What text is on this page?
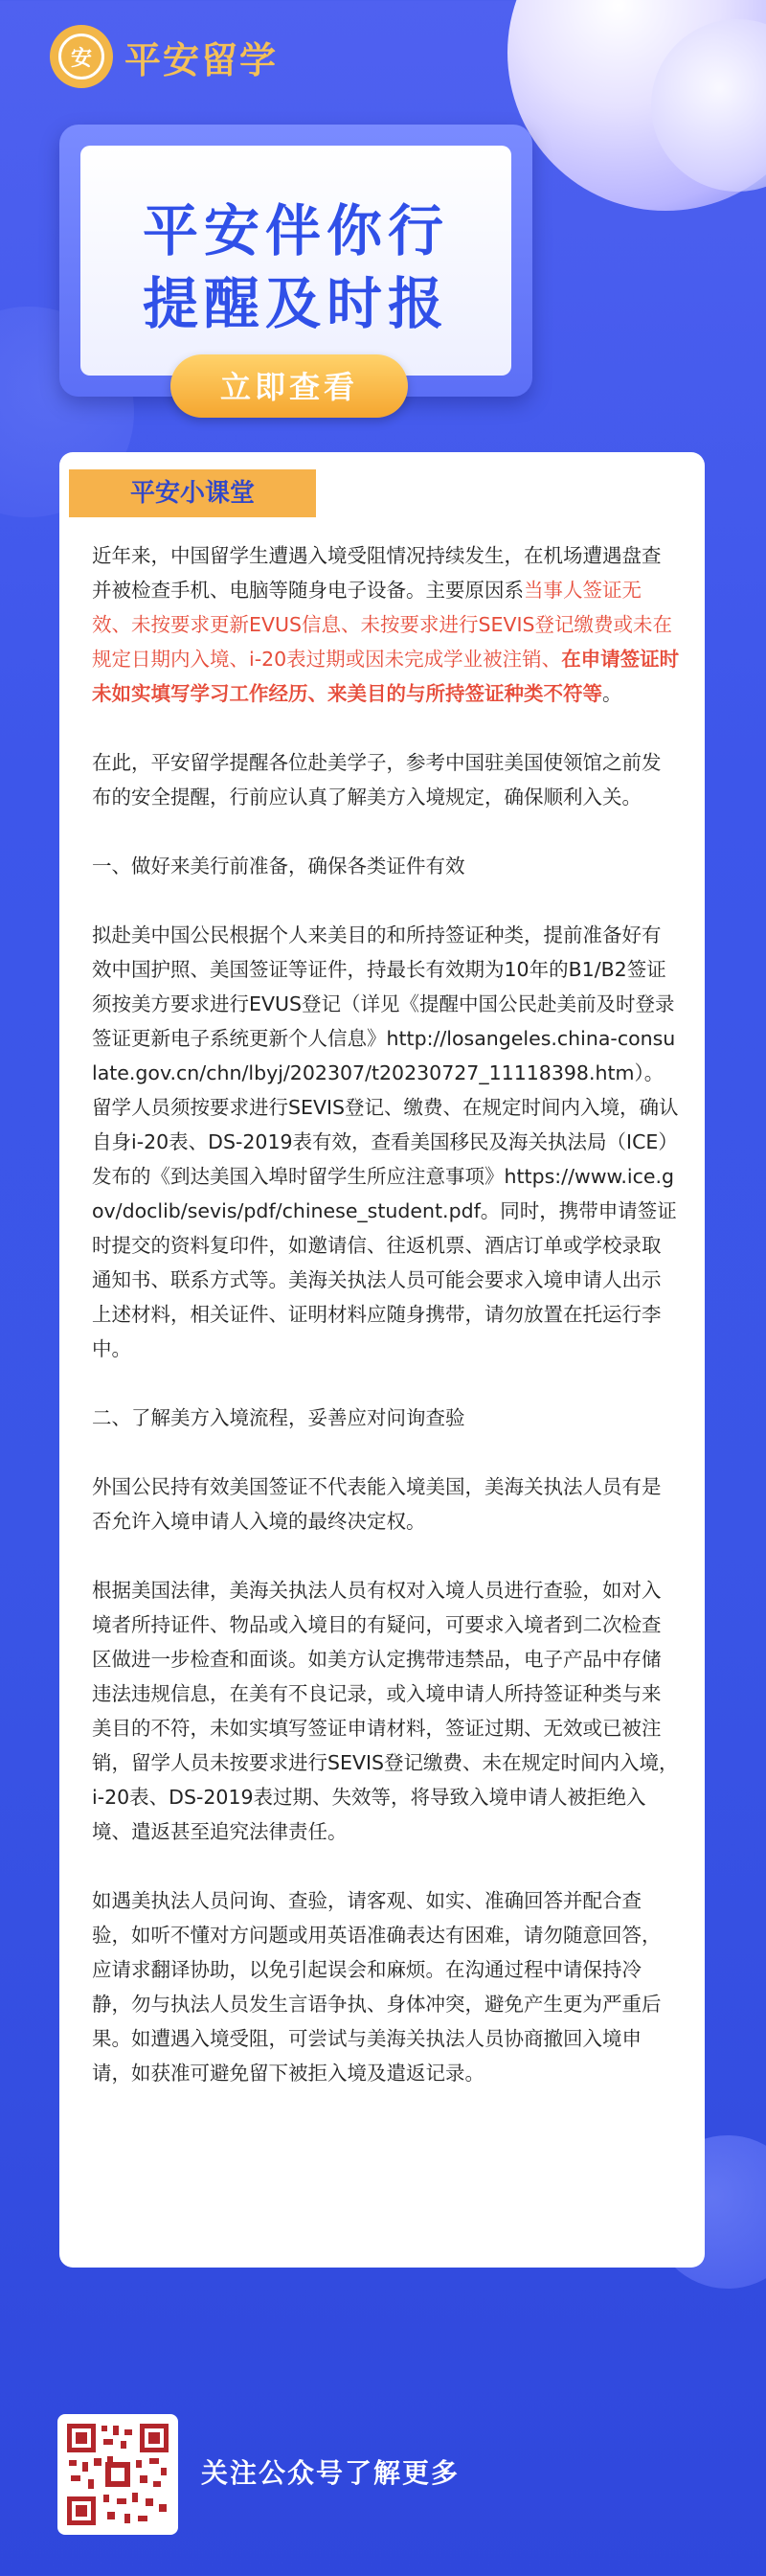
安 平安留学
平安伴你行
提醒及时报
立即查看
平安小课堂

近年来，中国留学生遭遇入境受阻情况持续发生，在机场遭遇盘查并被检查手机、电脑等随身电子设备。主要原因系当事人签证无效、未按要求更新EVUS信息、未按要求进行SEVIS登记缴费或未在规定日期内入境、i-20表过期或因未完成学业被注销、在申请签证时未如实填写学习工作经历、来美目的与所持签证种类不符等。

在此，平安留学提醒各位赴美学子，参考中国驻美国使领馆之前发布的安全提醒，行前应认真了解美方入境规定，确保顺利入关。

一、做好来美行前准备，确保各类证件有效

拟赴美中国公民根据个人来美目的和所持签证种类，提前准备好有效中国护照、美国签证等证件，持最长有效期为10年的B1/B2签证须按美方要求进行EVUS登记（详见《提醒中国公民赴美前及时登录签证更新电子系统更新个人信息》http://losangeles.china-consulate.gov.cn/chn/lbyj/202307/t20230727_11118398.htm）。留学人员须按要求进行SEVIS登记、缴费、在规定时间内入境，确认自身i-20表、DS-2019表有效，查看美国移民及海关执法局（ICE）发布的《到达美国入埠时留学生所应注意事项》https://www.ice.gov/doclib/sevis/pdf/chinese_student.pdf。同时，携带申请签证时提交的资料复印件，如邀请信、往返机票、酒店订单或学校录取通知书、联系方式等。美海关执法人员可能会要求入境申请人出示上述材料，相关证件、证明材料应随身携带，请勿放置在托运行李中。

二、了解美方入境流程，妥善应对问询查验

外国公民持有效美国签证不代表能入境美国，美海关执法人员有是否允许入境申请人入境的最终决定权。

根据美国法律，美海关执法人员有权对入境人员进行查验，如对入境者所持证件、物品或入境目的有疑问，可要求入境者到二次检查区做进一步检查和面谈。如美方认定携带违禁品，电子产品中存储违法违规信息，在美有不良记录，或入境申请人所持签证种类与来美目的不符，未如实填写签证申请材料，签证过期、无效或已被注销，留学人员未按要求进行SEVIS登记缴费、未在规定时间内入境，i-20表、DS-2019表过期、失效等，将导致入境申请人被拒绝入境、遣返甚至追究法律责任。

如遇美执法人员问询、查验，请客观、如实、准确回答并配合查验，如听不懂对方问题或用英语准确表达有困难，请勿随意回答，应请求翻译协助，以免引起误会和麻烦。在沟通过程中请保持冷静，勿与执法人员发生言语争执、身体冲突，避免产生更为严重后果。如遭遇入境受阻，可尝试与美海关执法人员协商撤回入境申请，如获准可避免留下被拒入境及遣返记录。

关注公众号了解更多
